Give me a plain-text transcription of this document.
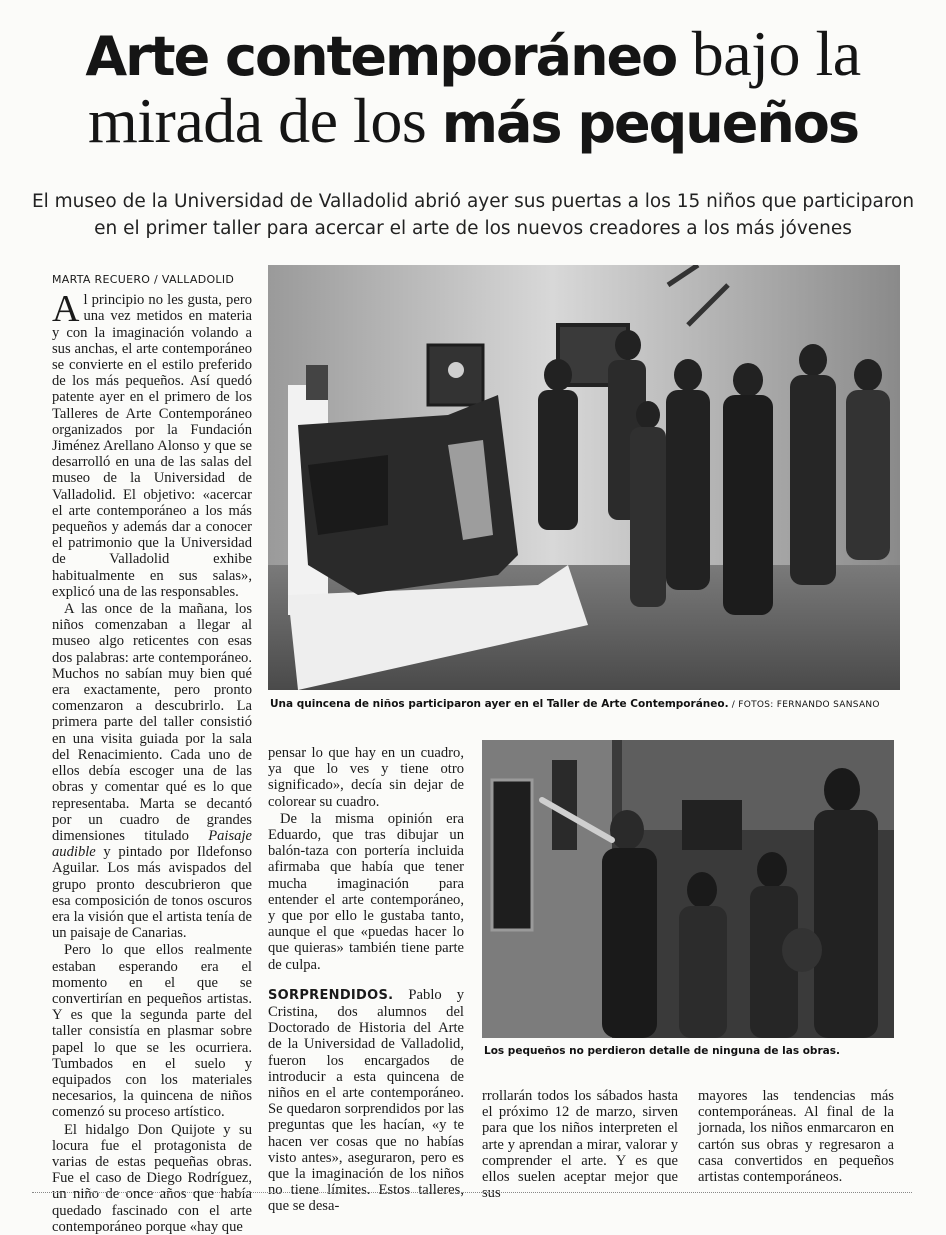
Arte contemporáneo bajo la
mirada de los más pequeños
El museo de la Universidad de Valladolid abrió ayer sus puertas a los 15 niños que participaron en el primer taller para acercar el arte de los nuevos creadores a los más jóvenes
MARTA RECUERO / VALLADOLID

Al principio no les gusta, pero una vez metidos en materia y con la imaginación volando a sus anchas, el arte contemporáneo se convierte en el estilo preferido de los más pequeños. Así quedó patente ayer en el primero de los Talleres de Arte Contemporáneo organizados por la Fundación Jiménez Arellano Alonso y que se desarrolló en una de las salas del museo de la Universidad de Valladolid. El objetivo: «acercar el arte contemporáneo a los más pequeños y además dar a conocer el patrimonio que la Universidad de Valladolid exhibe habitualmente en sus salas», explicó una de las responsables.

A las once de la mañana, los niños comenzaban a llegar al museo algo reticentes con esas dos palabras: arte contemporáneo. Muchos no sabían muy bien qué era exactamente, pero pronto comenzaron a descubrirlo. La primera parte del taller consistió en una visita guiada por la sala del Renacimiento. Cada uno de ellos debía escoger una de las obras y comentar qué es lo que representaba. Marta se decantó por un cuadro de grandes dimensiones titulado Paisaje audible y pintado por Ildefonso Aguilar. Los más avispados del grupo pronto descubrieron que esa composición de tonos oscuros era la visión que el artista tenía de un paisaje de Canarias.

Pero lo que ellos realmente estaban esperando era el momento en el que se convertirían en pequeños artistas. Y es que la segunda parte del taller consistía en plasmar sobre papel lo que se les ocurriera. Tumbados en el suelo y equipados con los materiales necesarios, la quincena de niños comenzó su proceso artístico.

El hidalgo Don Quijote y su locura fue el protagonista de varias de estas pequeñas obras. Fue el caso de Diego Rodríguez, un niño de once años que había quedado fascinado con el arte contemporáneo porque «hay que

Una quincena de niños participaron ayer en el Taller de Arte Contemporáneo. / FOTOS: FERNANDO SANSANO

pensar lo que hay en un cuadro, ya que lo ves y tiene otro significado», decía sin dejar de colorear su cuadro.

De la misma opinión era Eduardo, que tras dibujar un balón-taza con portería incluida afirmaba que había que tener mucha imaginación para entender el arte contemporáneo, y que por ello le gustaba tanto, aunque el que «puedas hacer lo que quieras» también tiene parte de culpa.

SORPRENDIDOS. Pablo y Cristina, dos alumnos del Doctorado de Historia del Arte de la Universidad de Valladolid, fueron los encargados de introducir a esta quincena de niños en el arte contemporáneo. Se quedaron sorprendidos por las preguntas que les hacían, «y te hacen ver cosas que no habías visto antes», aseguraron, pero es que la imaginación de los niños no tiene límites. Estos talleres, que se desa-

Los pequeños no perdieron detalle de ninguna de las obras.

rrollarán todos los sábados hasta el próximo 12 de marzo, sirven para que los niños interpreten el arte y aprendan a mirar, valorar y comprender el arte. Y es que ellos suelen aceptar mejor que sus

mayores las tendencias más contemporáneas. Al final de la jornada, los niños enmarcaron en cartón sus obras y regresaron a casa convertidos en pequeños artistas contemporáneos.
